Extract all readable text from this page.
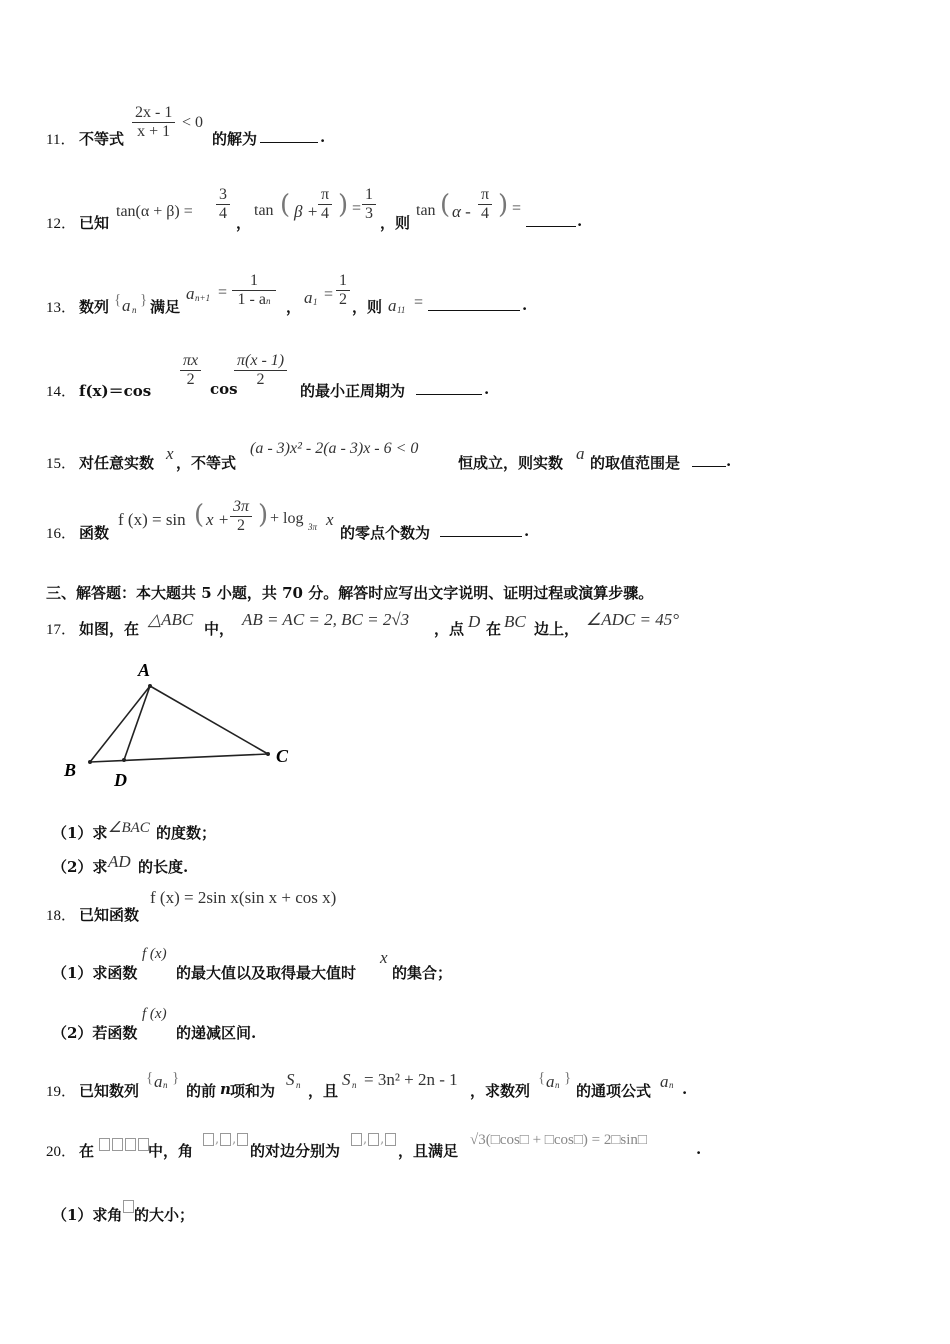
11． 不等式 $\frac{2x - 1}{x + 1} < 0$
的解为	.
12． 已知
$\tan(\alpha + \beta) = \frac{3}{4}$ ，
tan ( $\beta + \frac{\pi}{4}$ ) = $\frac{1}{3}$ ，则
tan ( α - $\frac{\pi}{4}$ ) =
.
13． 数列 { a n
} 满足
a $n+1 = \frac{1}{1 - an}$ ， a $1 = \frac{1}{2}$ ，则 a 11 =	.
14． f(x)＝cos
$\frac{\pi x}{2}$ cos
$\frac{\pi(x - 1)}{2}$
的最小正周期为	.
15． 对任意实数 x ，不等式
(a - 3)x² - 2(a - 3)x - 6 < 0
恒成立，则实数 a 的取值范围是	.
16． 函数
f (x) = sin ( $x + \frac{3\pi}{2}$ ) + log 3π x
的零点个数为	.
三、解答题：本大题共 5 小题，共 70 分。解答时应写出文字说明、证明过程或演算步骤。
17． 如图，在 △ABC 中， AB = AC = 2, BC = 2√3 ，点 D 在 BC 边上， ∠ADC = 45°
A
B
C
D
（1）求 ∠BAC 的度数；
（2）求 AD 的长度.
18． 已知函数
f (x) = 2sin x(sin x + cos x)
（1）求函数
f (x)
的最大值以及取得最大值时
x
的集合；
（2）若函数
f (x)
的递减区间.
19． 已知数列
{ a n }
的前 n 项和为
S n ，且
S n = 3n² + 2n - 1
，求数列
{ a n }
的通项公式 a n .
20． 在	中，角
, ,
的对边分别为
, ,
，且满足
√3(□cos□ + □cos□) = 2□sin□	.
（1）求角 的大小；
